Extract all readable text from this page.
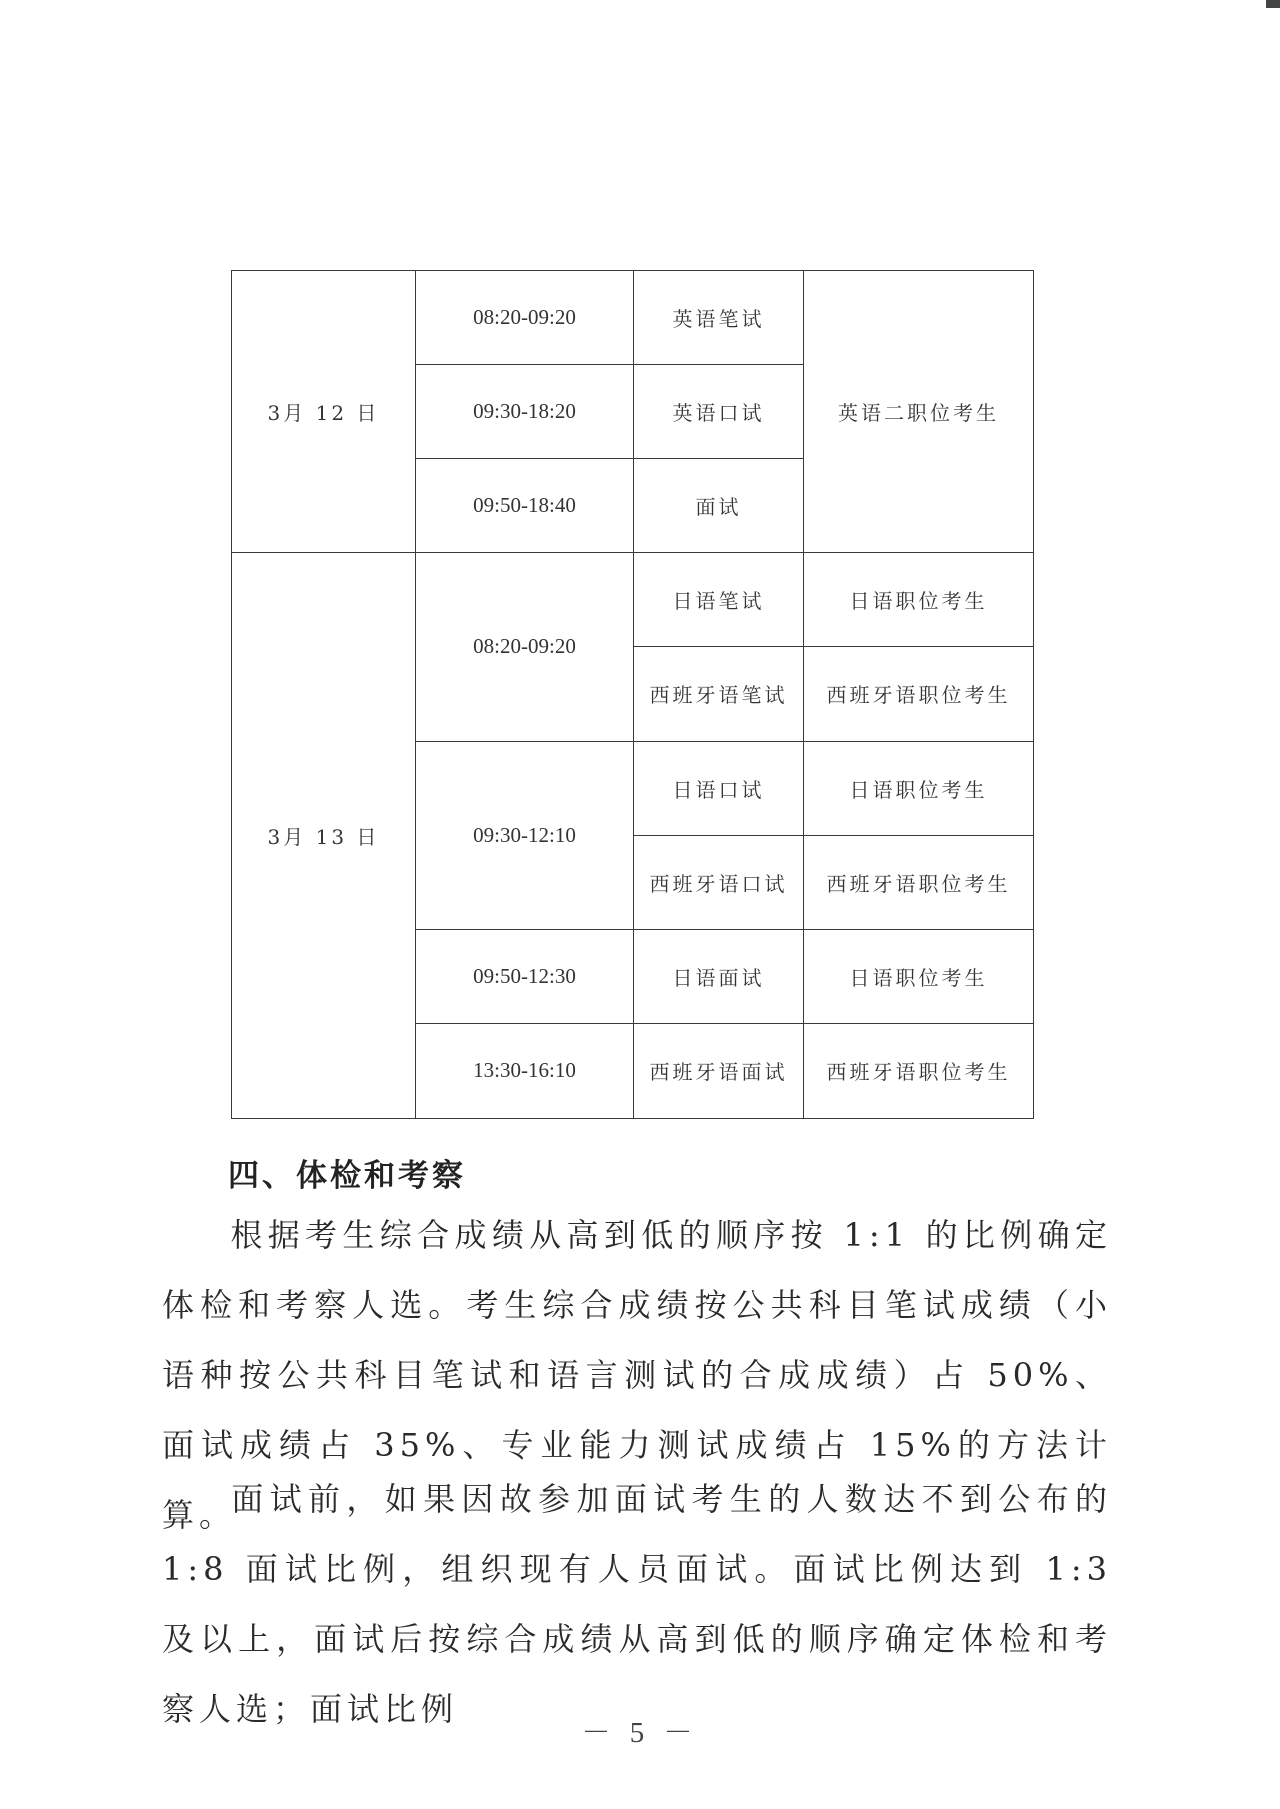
3月 12 日	08:20-09:20	英语笔试	英语二职位考生
	09:30-18:20	英语口试	
	09:50-18:40	面试	
3月 13 日	08:20-09:20	日语笔试	日语职位考生
		西班牙语笔试	西班牙语职位考生
	09:30-12:10	日语口试	日语职位考生
		西班牙语口试	西班牙语职位考生
	09:50-12:30	日语面试	日语职位考生
	13:30-16:10	西班牙语面试	西班牙语职位考生
四、体检和考察
根据考生综合成绩从高到低的顺序按 1:1 的比例确定体检和考察人选。考生综合成绩按公共科目笔试成绩（小语种按公共科目笔试和语言测试的合成成绩）占 50%、面试成绩占 35%、专业能力测试成绩占 15%的方法计算。
面试前，如果因故参加面试考生的人数达不到公布的 1:8 面试比例，组织现有人员面试。面试比例达到 1:3 及以上，面试后按综合成绩从高到低的顺序确定体检和考察人选；面试比例
－ 5 －
